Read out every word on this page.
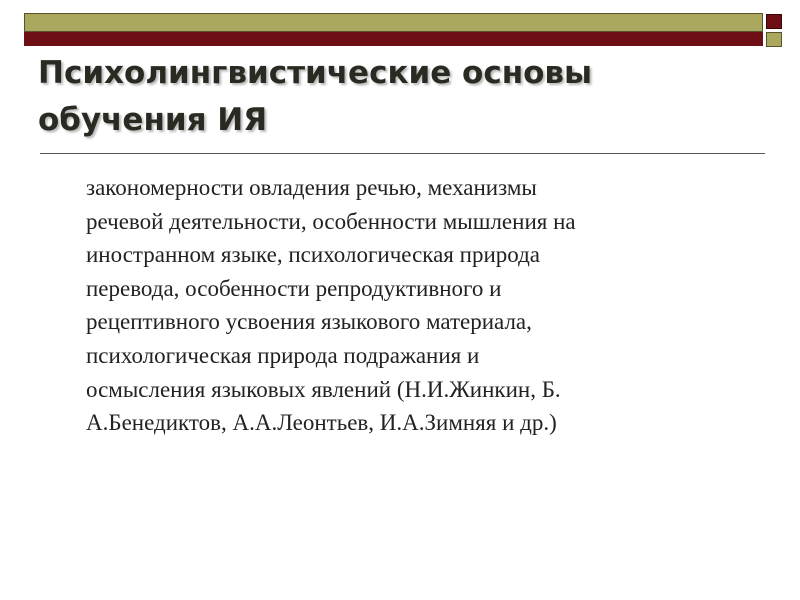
Психолингвистические основы
обучения ИЯ
закономерности овладения речью, механизмы
речевой деятельности, особенности мышления на
иностранном языке, психологическая природа
перевода, особенности репродуктивного и
рецептивного усвоения языкового материала,
психологическая природа подражания и
осмысления языковых явлений (Н.И.Жинкин, Б.
А.Бенедиктов, А.А.Леонтьев, И.А.Зимняя и др.)
